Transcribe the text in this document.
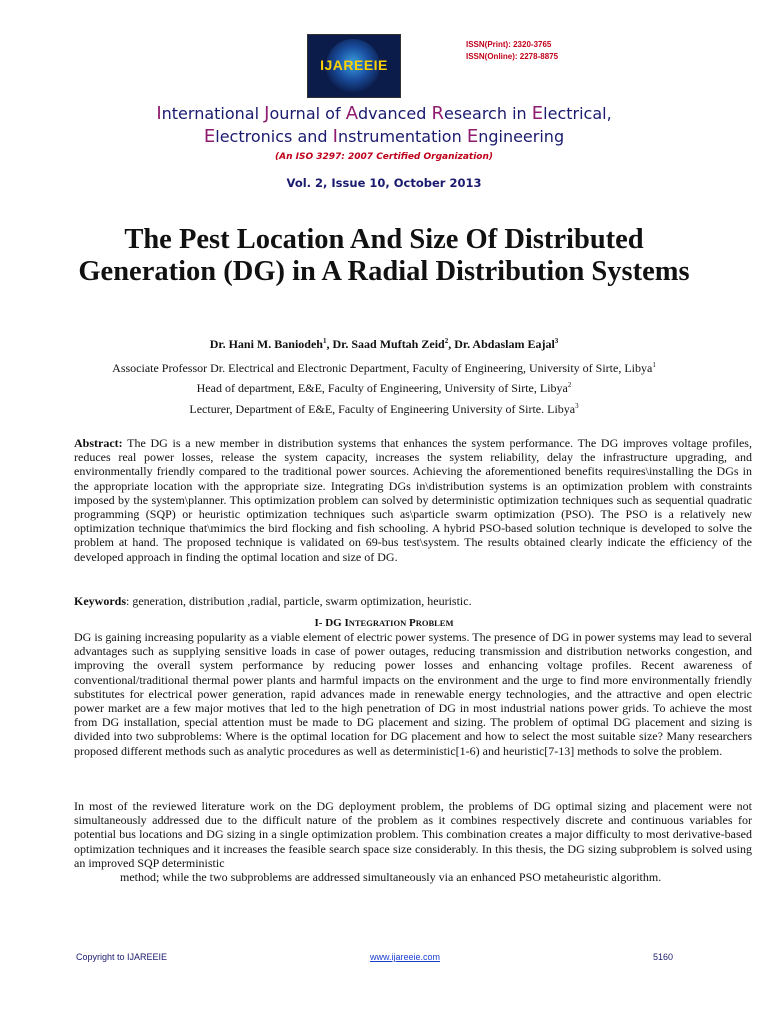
IJAREEIE
ISSN(Print): 2320-3765
ISSN(Online): 2278-8875
International Journal of Advanced Research in Electrical,
Electronics and Instrumentation Engineering
(An ISO 3297: 2007 Certified Organization)
Vol. 2, Issue 10, October 2013
The Pest Location And Size Of Distributed Generation (DG) in A Radial Distribution Systems
Dr. Hani M. Baniodeh$^1$, Dr. Saad Muftah Zeid$^2$, Dr. Abdaslam Eajal$^3$
Associate Professor Dr. Electrical and Electronic Department, Faculty of Engineering, University of Sirte, Libya$^1$
Head of department, E&E, Faculty of Engineering, University of Sirte, Libya$^2$
Lecturer, Department of E&E, Faculty of Engineering University of Sirte. Libya$^3$

Abstract: The DG is a new member in distribution systems that enhances the system performance. The DG improves voltage profiles, reduces real power losses, release the system capacity, increases the system reliability, delay the infrastructure upgrading, and environmentally friendly compared to the traditional power sources. Achieving the aforementioned benefits requires\installing the DGs in the appropriate location with the appropriate size. Integrating DGs in\distribution systems is an optimization problem with constraints imposed by the system\planner. This optimization problem can solved by deterministic optimization techniques such as sequential quadratic programming (SQP) or heuristic optimization techniques such as\particle swarm optimization (PSO). The PSO is a relatively new optimization technique that\mimics the bird flocking and fish schooling. A hybrid PSO-based solution technique is developed to solve the problem at hand. The proposed technique is validated on 69-bus test\system. The results obtained clearly indicate the efficiency of the developed approach in finding the optimal location and size of DG.

Keywords: generation, distribution ,radial, particle, swarm optimization, heuristic.

I- DG INTEGRATION PROBLEM

DG is gaining increasing popularity as a viable element of electric power systems. The presence of DG in power systems may lead to several advantages such as supplying sensitive loads in case of power outages, reducing transmission and distribution networks congestion, and improving the overall system performance by reducing power losses and enhancing voltage profiles. Recent awareness of conventional/traditional thermal power plants and harmful impacts on the environment and the urge to find more environmentally friendly substitutes for electrical power generation, rapid advances made in renewable energy technologies, and the attractive and open electric power market are a few major motives that led to the high penetration of DG in most industrial nations power grids. To achieve the most from DG installation, special attention must be made to DG placement and sizing. The problem of optimal DG placement and sizing is divided into two subproblems: Where is the optimal location for DG placement and how to select the most suitable size? Many researchers proposed different methods such as analytic procedures as well as deterministic[1-6) and heuristic[7-13] methods to solve the problem.

In most of the reviewed literature work on the DG deployment problem, the problems of DG optimal sizing and placement were not simultaneously addressed due to the difficult nature of the problem as it combines respectively discrete and continuous variables for potential bus locations and DG sizing in a single optimization problem. This combination creates a major difficulty to most derivative-based optimization techniques and it increases the feasible search space size considerably. In this thesis, the DG sizing subproblem is solved using an improved SQP deterministic
method; while the two subproblems are addressed simultaneously via an enhanced PSO metaheuristic algorithm.

Copyright to IJAREEIE	www.ijareeie.com	5160
